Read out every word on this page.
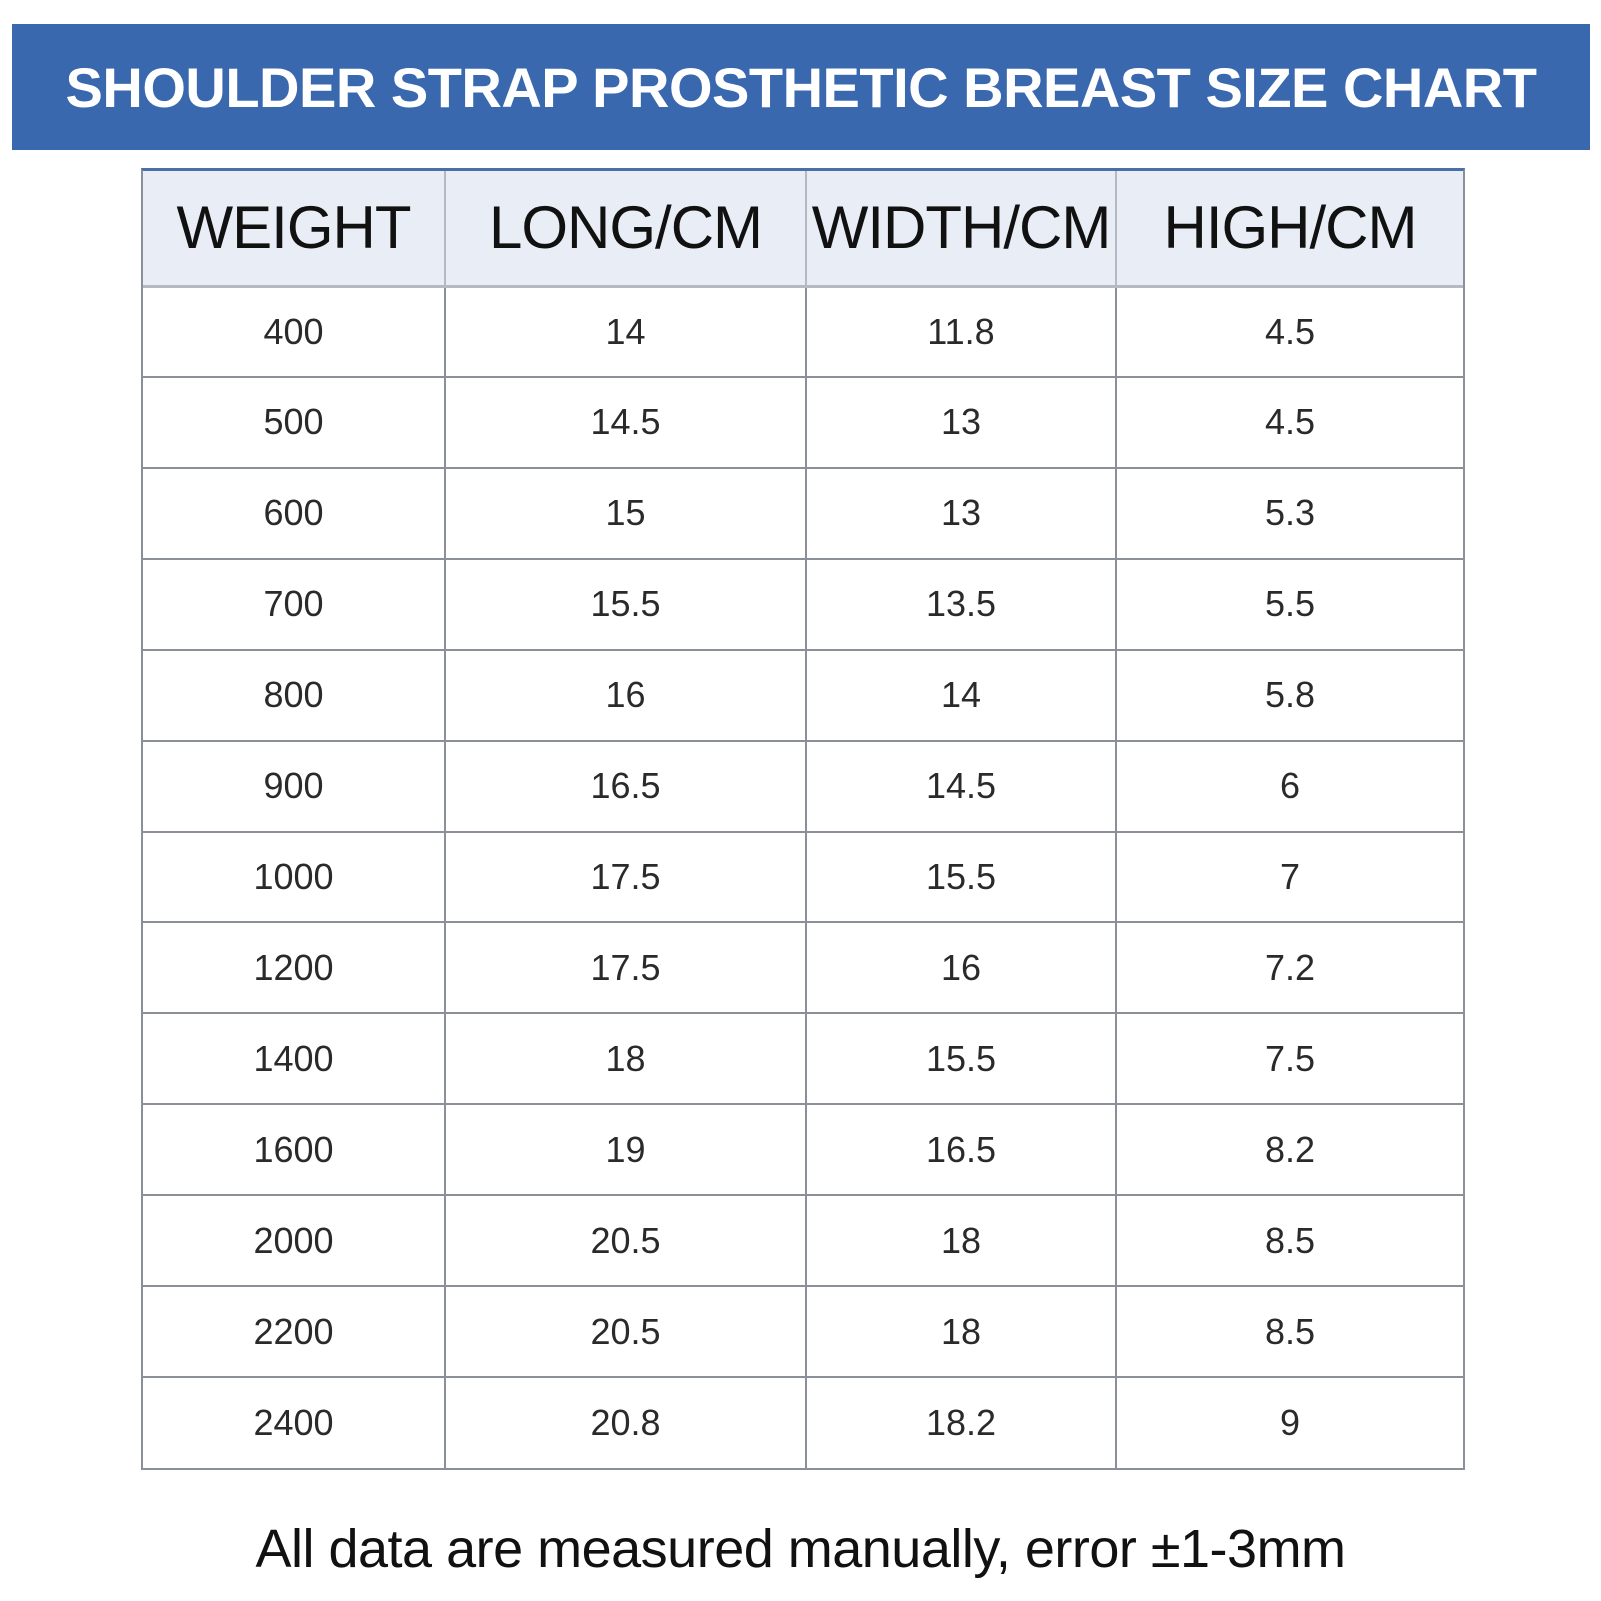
SHOULDER STRAP PROSTHETIC BREAST SIZE CHART
WEIGHT	LONG/CM	WIDTH/CM	HIGH/CM
400	14	11.8	4.5
500	14.5	13	4.5
600	15	13	5.3
700	15.5	13.5	5.5
800	16	14	5.8
900	16.5	14.5	6
1000	17.5	15.5	7
1200	17.5	16	7.2
1400	18	15.5	7.5
1600	19	16.5	8.2
2000	20.5	18	8.5
2200	20.5	18	8.5
2400	20.8	18.2	9
All data are measured manually, error ±1-3mm
